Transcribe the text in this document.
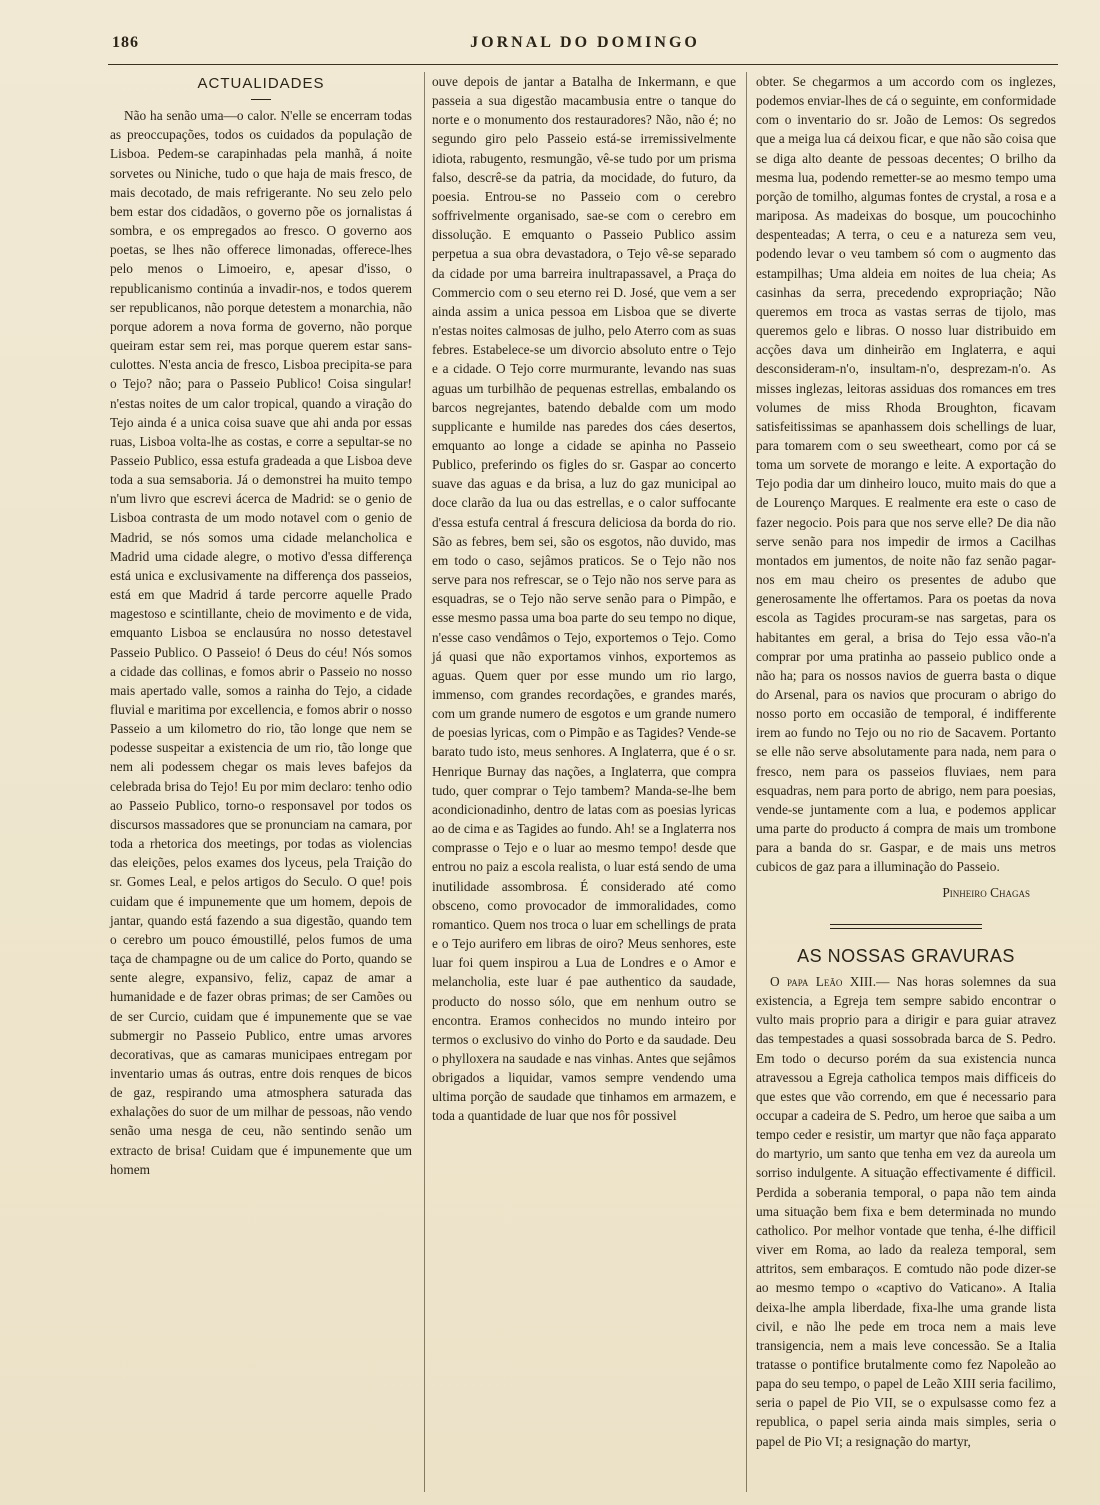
186	JORNAL DO DOMINGO
ACTUALIDADES

Não ha senão uma—o calor. N'elle se encerram todas as preoccupações, todos os cuidados da população de Lisboa. Pedem-se carapinhadas pela manhã, á noite sorvetes ou Niniche, tudo o que haja de mais fresco, de mais decotado, de mais refrigerante. No seu zelo pelo bem estar dos cidadãos, o governo põe os jornalistas á sombra, e os empregados ao fresco. O governo aos poetas, se lhes não offerece limonadas, offerece-lhes pelo menos o Limoeiro, e, apesar d'isso, o republicanismo continúa a invadir-nos, e todos querem ser republicanos, não porque detestem a monarchia, não porque adorem a nova forma de governo, não porque queiram estar sem rei, mas porque querem estar sans-culottes. N'esta ancia de fresco, Lisboa precipita-se para o Tejo? não; para o Passeio Publico! Coisa singular! n'estas noites de um calor tropical, quando a viração do Tejo ainda é a unica coisa suave que ahi anda por essas ruas, Lisboa volta-lhe as costas, e corre a sepultar-se no Passeio Publico, essa estufa gradeada a que Lisboa deve toda a sua semsaboria. Já o demonstrei ha muito tempo n'um livro que escrevi ácerca de Madrid: se o genio de Lisboa contrasta de um modo notavel com o genio de Madrid, se nós somos uma cidade melancholica e Madrid uma cidade alegre, o motivo d'essa differença está unica e exclusivamente na differença dos passeios, está em que Madrid á tarde percorre aquelle Prado magestoso e scintillante, cheio de movimento e de vida, emquanto Lisboa se enclausúra no nosso detestavel Passeio Publico. O Passeio! ó Deus do céu! Nós somos a cidade das collinas, e fomos abrir o Passeio no nosso mais apertado valle, somos a rainha do Tejo, a cidade fluvial e maritima por excellencia, e fomos abrir o nosso Passeio a um kilometro do rio, tão longe que nem se podesse suspeitar a existencia de um rio, tão longe que nem ali podessem chegar os mais leves bafejos da celebrada brisa do Tejo! Eu por mim declaro: tenho odio ao Passeio Publico, torno-o responsavel por todos os discursos massadores que se pronunciam na camara, por toda a rhetorica dos meetings, por todas as violencias das eleições, pelos exames dos lyceus, pela Traição do sr. Gomes Leal, e pelos artigos do Seculo. O que! pois cuidam que é impunemente que um homem, depois de jantar, quando está fazendo a sua digestão, quando tem o cerebro um pouco émoustillé, pelos fumos de uma taça de champagne ou de um calice do Porto, quando se sente alegre, expansivo, feliz, capaz de amar a humanidade e de fazer obras primas; de ser Camões ou de ser Curcio, cuidam que é impunemente que se vae submergir no Passeio Publico, entre umas arvores decorativas, que as camaras municipaes entregam por inventario umas ás outras, entre dois renques de bicos de gaz, respirando uma atmosphera saturada das exhalações do suor de um milhar de pessoas, não vendo senão uma nesga de ceu, não sentindo senão um extracto de brisa! Cuidam que é impunemente que um homem

ouve depois de jantar a Batalha de Inkermann, e que passeia a sua digestão macambusia entre o tanque do norte e o monumento dos restauradores? Não, não é; no segundo giro pelo Passeio está-se irremissivelmente idiota, rabugento, resmungão, vê-se tudo por um prisma falso, descrê-se da patria, da mocidade, do futuro, da poesia. Entrou-se no Passeio com o cerebro soffrivelmente organisado, sae-se com o cerebro em dissolução. E emquanto o Passeio Publico assim perpetua a sua obra devastadora, o Tejo vê-se separado da cidade por uma barreira inultrapassavel, a Praça do Commercio com o seu eterno rei D. José, que vem a ser ainda assim a unica pessoa em Lisboa que se diverte n'estas noites calmosas de julho, pelo Aterro com as suas febres. Estabelece-se um divorcio absoluto entre o Tejo e a cidade. O Tejo corre murmurante, levando nas suas aguas um turbilhão de pequenas estrellas, embalando os barcos negrejantes, batendo debalde com um modo supplicante e humilde nas paredes dos cáes desertos, emquanto ao longe a cidade se apinha no Passeio Publico, preferindo os figles do sr. Gaspar ao concerto suave das aguas e da brisa, a luz do gaz municipal ao doce clarão da lua ou das estrellas, e o calor suffocante d'essa estufa central á frescura deliciosa da borda do rio. São as febres, bem sei, são os esgotos, não duvido, mas em todo o caso, sejâmos praticos. Se o Tejo não nos serve para nos refrescar, se o Tejo não nos serve para as esquadras, se o Tejo não serve senão para o Pimpão, e esse mesmo passa uma boa parte do seu tempo no dique, n'esse caso vendâmos o Tejo, exportemos o Tejo. Como já quasi que não exportamos vinhos, exportemos as aguas. Quem quer por esse mundo um rio largo, immenso, com grandes recordações, e grandes marés, com um grande numero de esgotos e um grande numero de poesias lyricas, com o Pimpão e as Tagides? Vende-se barato tudo isto, meus senhores. A Inglaterra, que é o sr. Henrique Burnay das nações, a Inglaterra, que compra tudo, quer comprar o Tejo tambem? Manda-se-lhe bem acondicionadinho, dentro de latas com as poesias lyricas ao de cima e as Tagides ao fundo. Ah! se a Inglaterra nos comprasse o Tejo e o luar ao mesmo tempo! desde que entrou no paiz a escola realista, o luar está sendo de uma inutilidade assombrosa. É considerado até como obsceno, como provocador de immoralidades, como romantico. Quem nos troca o luar em schellings de prata e o Tejo aurifero em libras de oiro? Meus senhores, este luar foi quem inspirou a Lua de Londres e o Amor e melancholia, este luar é pae authentico da saudade, producto do nosso sólo, que em nenhum outro se encontra. Eramos conhecidos no mundo inteiro por termos o exclusivo do vinho do Porto e da saudade. Deu o phylloxera na saudade e nas vinhas. Antes que sejâmos obrigados a liquidar, vamos sempre vendendo uma ultima porção de saudade que tinhamos em armazem, e toda a quantidade de luar que nos fôr possivel

obter. Se chegarmos a um accordo com os inglezes, podemos enviar-lhes de cá o seguinte, em conformidade com o inventario do sr. João de Lemos: Os segredos que a meiga lua cá deixou ficar, e que não são coisa que se diga alto deante de pessoas decentes; O brilho da mesma lua, podendo remetter-se ao mesmo tempo uma porção de tomilho, algumas fontes de crystal, a rosa e a mariposa. As madeixas do bosque, um poucochinho despenteadas; A terra, o ceu e a natureza sem veu, podendo levar o veu tambem só com o augmento das estampilhas; Uma aldeia em noites de lua cheia; As casinhas da serra, precedendo expropriação; Não queremos em troca as vastas serras de tijolo, mas queremos gelo e libras. O nosso luar distribuido em acções dava um dinheirão em Inglaterra, e aqui desconsideram-n'o, insultam-n'o, desprezam-n'o. As misses inglezas, leitoras assiduas dos romances em tres volumes de miss Rhoda Broughton, ficavam satisfeitissimas se apanhassem dois schellings de luar, para tomarem com o seu sweetheart, como por cá se toma um sorvete de morango e leite. A exportação do Tejo podia dar um dinheiro louco, muito mais do que a de Lourenço Marques. E realmente era este o caso de fazer negocio. Pois para que nos serve elle? De dia não serve senão para nos impedir de irmos a Cacilhas montados em jumentos, de noite não faz senão pagar-nos em mau cheiro os presentes de adubo que generosamente lhe offertamos. Para os poetas da nova escola as Tagides procuram-se nas sargetas, para os habitantes em geral, a brisa do Tejo essa vão-n'a comprar por uma pratinha ao passeio publico onde a não ha; para os nossos navios de guerra basta o dique do Arsenal, para os navios que procuram o abrigo do nosso porto em occasião de temporal, é indifferente irem ao fundo no Tejo ou no rio de Sacavem. Portanto se elle não serve absolutamente para nada, nem para o fresco, nem para os passeios fluviaes, nem para esquadras, nem para porto de abrigo, nem para poesias, vende-se juntamente com a lua, e podemos applicar uma parte do producto á compra de mais um trombone para a banda do sr. Gaspar, e de mais uns metros cubicos de gaz para a illuminação do Passeio.

Pinheiro Chagas
AS NOSSAS GRAVURAS

O papa Leão XIII.— Nas horas solemnes da sua existencia, a Egreja tem sempre sabido encontrar o vulto mais proprio para a dirigir e para guiar atravez das tempestades a quasi sossobrada barca de S. Pedro. Em todo o decurso porém da sua existencia nunca atravessou a Egreja catholica tempos mais difficeis do que estes que vão correndo, em que é necessario para occupar a cadeira de S. Pedro, um heroe que saiba a um tempo ceder e resistir, um martyr que não faça apparato do martyrio, um santo que tenha em vez da aureola um sorriso indulgente. A situação effectivamente é difficil. Perdida a soberania temporal, o papa não tem ainda uma situação bem fixa e bem determinada no mundo catholico. Por melhor vontade que tenha, é-lhe difficil viver em Roma, ao lado da realeza temporal, sem attritos, sem embaraços. E comtudo não pode dizer-se ao mesmo tempo o «captivo do Vaticano». A Italia deixa-lhe ampla liberdade, fixa-lhe uma grande lista civil, e não lhe pede em troca nem a mais leve transigencia, nem a mais leve concessão. Se a Italia tratasse o pontifice brutalmente como fez Napoleão ao papa do seu tempo, o papel de Leão XIII seria facilimo, seria o papel de Pio VII, se o expulsasse como fez a republica, o papel seria ainda mais simples, seria o papel de Pio VI; a resignação do martyr,
